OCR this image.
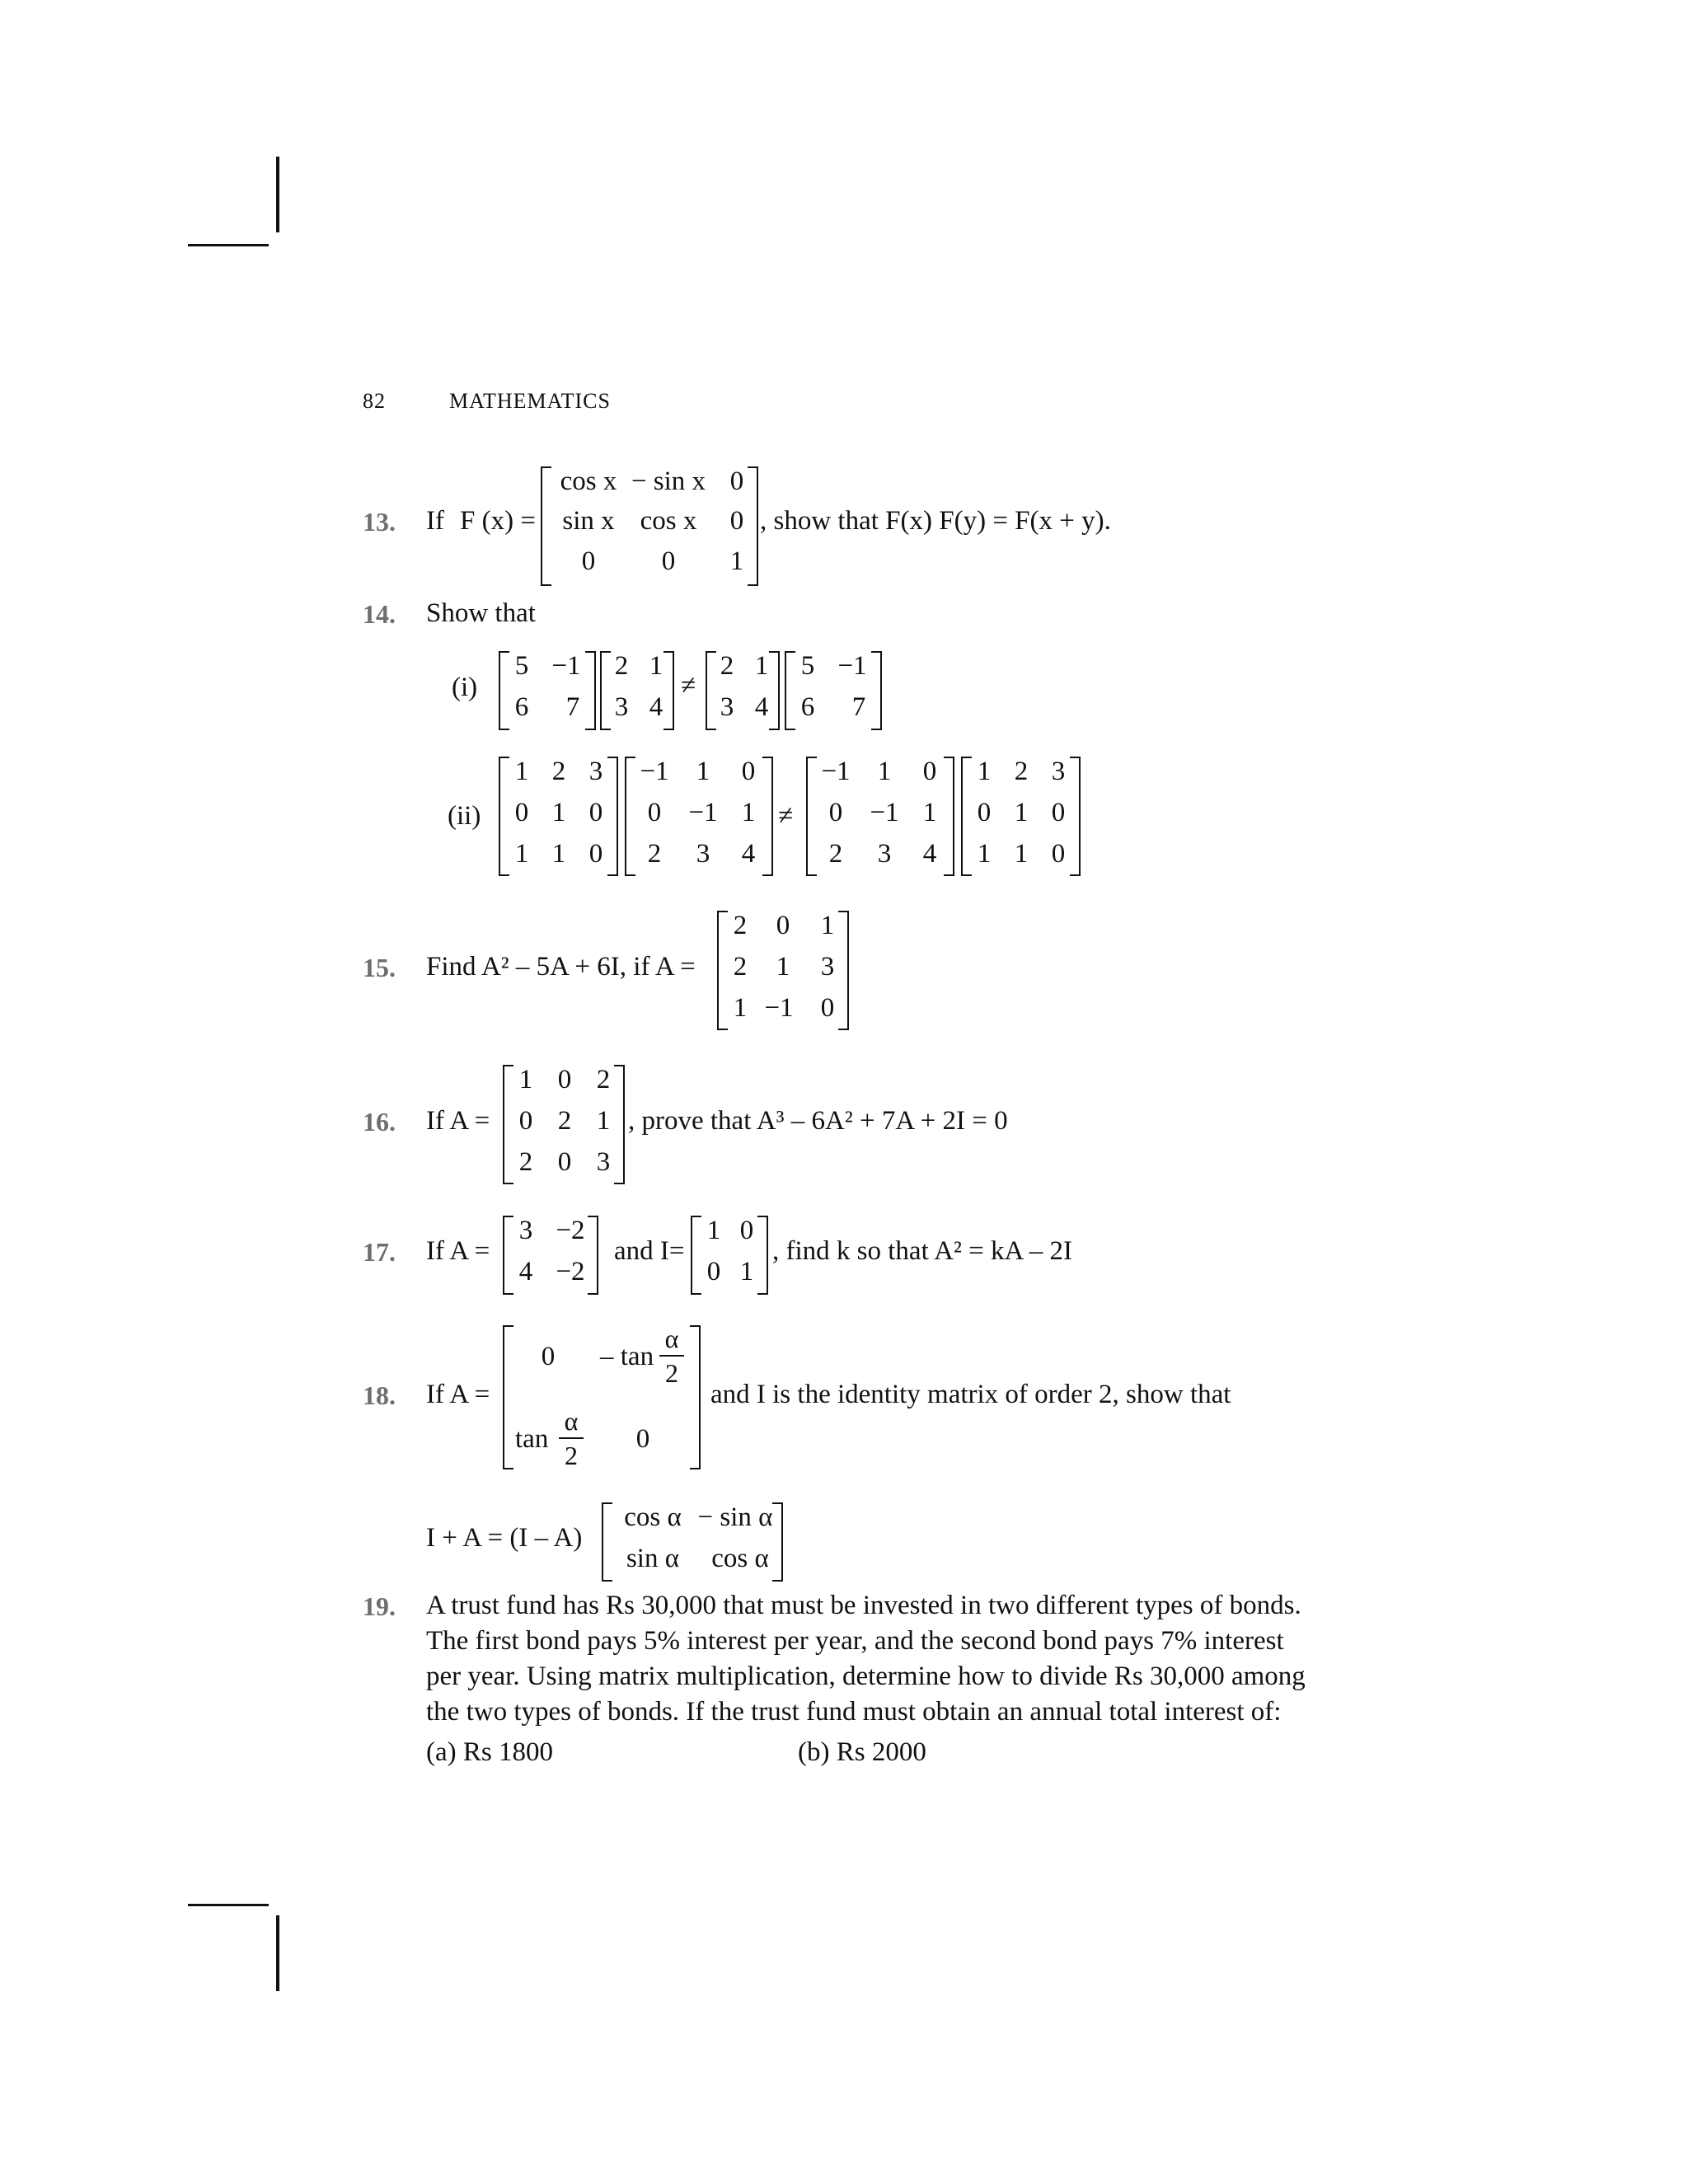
82	MATHEMATICS
13. If F (x) =
cos x − sin x 0
sin x cos x 0
0 0 1
, show that F(x) F(y) = F(x + y).
14. Show that
(i)
5 −1
6 7
2 1
3 4
≠
2 1
3 4
5 −1
6 7
(ii)
1 2 3
0 1 0
1 1 0
−1 1 0
0 −1 1
2 3 4
≠
−1 1 0
0 −1 1
2 3 4
1 2 3
0 1 0
1 1 0
15. Find A² – 5A + 6I, if A =
2 0 1
2 1 3
1 −1 0
16. If A =
1 0 2
0 2 1
2 0 3
, prove that A³ – 6A² + 7A + 2I = 0
17. If A =
3 −2
4 −2
and I=
1 0
0 1
, find k so that A² = kA – 2I
18. If A =
0 – tan
α
2
tan
α
2
0
and I is the identity matrix of order 2, show that
I + A = (I – A)
cos α − sin α
sin α cos α
19. A trust fund has Rs 30,000 that must be invested in two different types of bonds.
The first bond pays 5% interest per year, and the second bond pays 7% interest
per year. Using matrix multiplication, determine how to divide Rs 30,000 among
the two types of bonds. If the trust fund must obtain an annual total interest of:
(a) Rs 1800	(b) Rs 2000
